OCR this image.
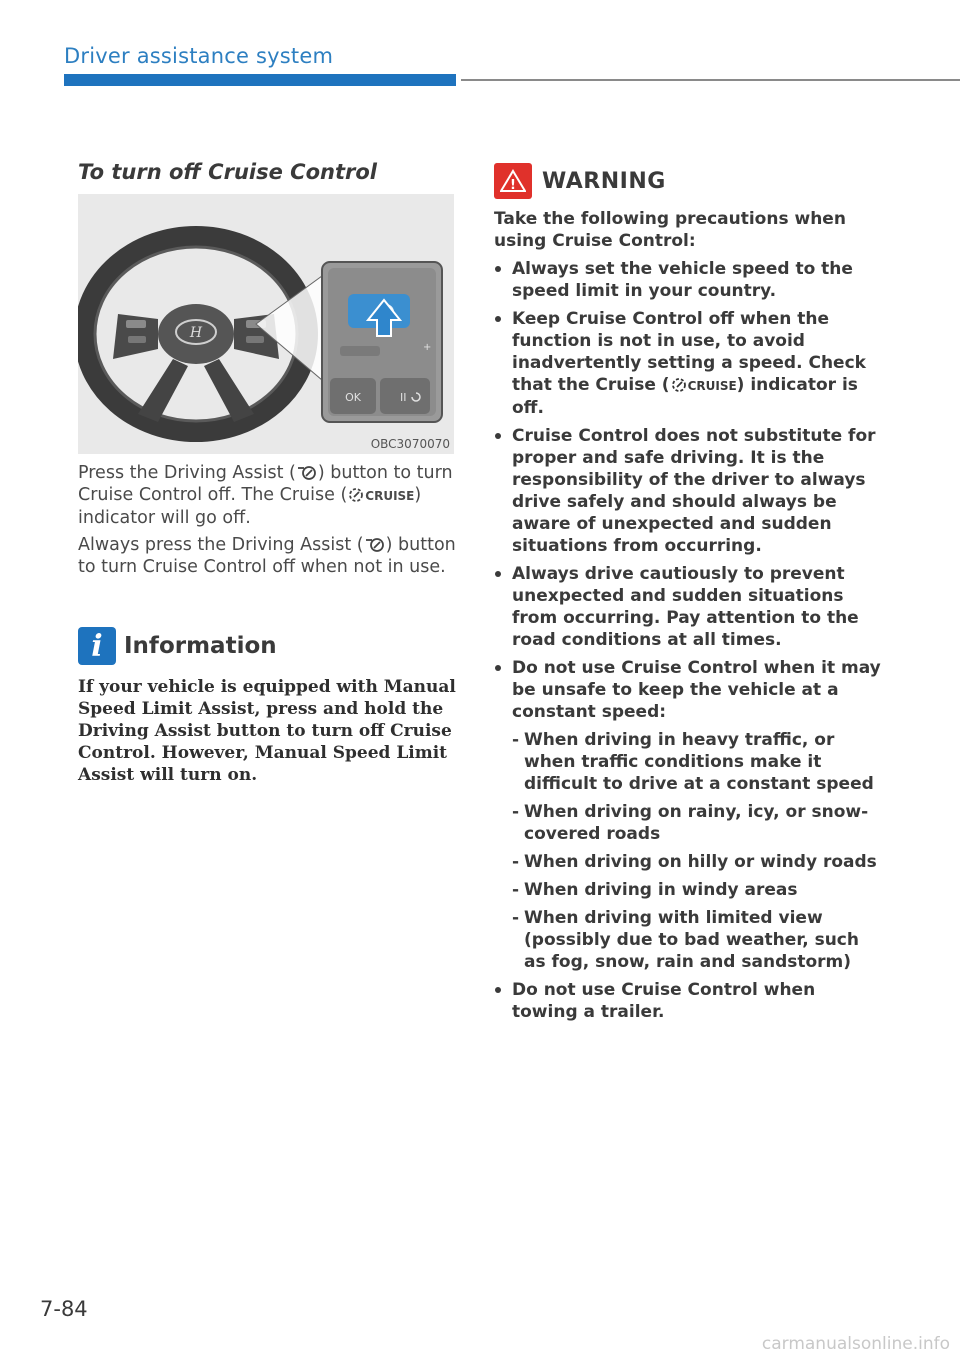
Driver assistance system
To turn off Cruise Control
H
OK	II
+
OBC3070070
Press the Driving Assist ( ) button to turn Cruise Control off. The Cruise ( CRUISE) indicator will go off.
Always press the Driving Assist ( ) button to turn Cruise Control off when not in use.
i Information
If your vehicle is equipped with Manual Speed Limit Assist, press and hold the Driving Assist button to turn off Cruise Control. However, Manual Speed Limit Assist will turn on.
! WARNING

Take the following precautions when using Cruise Control:

Always set the vehicle speed to the speed limit in your country.
Keep Cruise Control off when the function is not in use, to avoid inadvertently setting a speed. Check that the Cruise ( CRUISE) indicator is off.
Cruise Control does not substitute for proper and safe driving. It is the responsibility of the driver to always drive safely and should always be aware of unexpected and sudden situations from occurring.
Always drive cautiously to prevent unexpected and sudden situations from occurring. Pay attention to the road conditions at all times.
Do not use Cruise Control when it may be unsafe to keep the vehicle at a constant speed:
- When driving in heavy traffic, or when traffic conditions make it difficult to drive at a constant speed
- When driving on rainy, icy, or snow-covered roads
- When driving on hilly or windy roads
- When driving in windy areas
- When driving with limited view (possibly due to bad weather, such as fog, snow, rain and sandstorm)
Do not use Cruise Control when towing a trailer.
7-84
carmanualsonline.info
